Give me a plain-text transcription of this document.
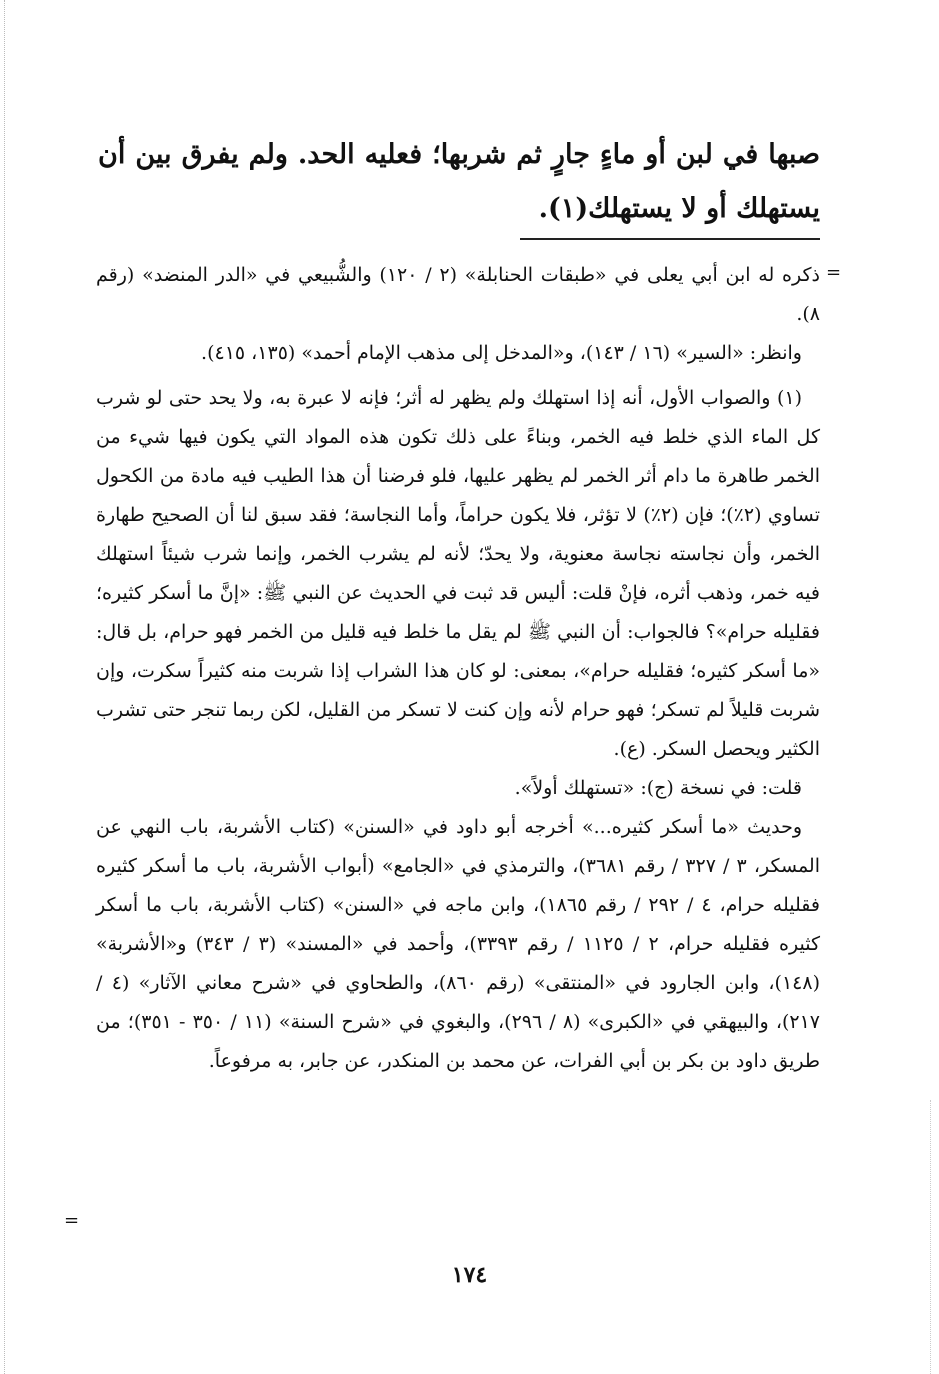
صبها في لبن أو ماءٍ جارٍ ثم شربها؛ فعليه الحد. ولم يفرق بين أن يستهلك أو لا يستهلك(١).
=

ذكره له ابن أبي يعلى في «طبقات الحنابلة» (٢ / ١٢٠) والشُّبيعي في «الدر المنضد» (رقم ٨).

وانظر: «السير» (١٦ / ١٤٣)، و«المدخل إلى مذهب الإمام أحمد» (١٣٥، ٤١٥).

(١) والصواب الأول، أنه إذا استهلك ولم يظهر له أثر؛ فإنه لا عبرة به، ولا يحد حتى لو شرب كل الماء الذي خلط فيه الخمر، وبناءً على ذلك تكون هذه المواد التي يكون فيها شيء من الخمر طاهرة ما دام أثر الخمر لم يظهر عليها، فلو فرضنا أن هذا الطيب فيه مادة من الكحول تساوي (٢٪)؛ فإن (٢٪) لا تؤثر، فلا يكون حراماً، وأما النجاسة؛ فقد سبق لنا أن الصحيح طهارة الخمر، وأن نجاسته نجاسة معنوية، ولا يحدّ؛ لأنه لم يشرب الخمر، وإنما شرب شيئاً استهلك فيه خمر، وذهب أثره، فإنْ قلت: أليس قد ثبت في الحديث عن النبي ﷺ: «إنَّ ما أسكر كثيره؛ فقليله حرام»؟ فالجواب: أن النبي ﷺ لم يقل ما خلط فيه قليل من الخمر فهو حرام، بل قال: «ما أسكر كثيره؛ فقليله حرام»، بمعنى: لو كان هذا الشراب إذا شربت منه كثيراً سكرت، وإن شربت قليلاً لم تسكر؛ فهو حرام لأنه وإن كنت لا تسكر من القليل، لكن ربما تنجر حتى تشرب الكثير ويحصل السكر. (ع).

قلت: في نسخة (ج): «تستهلك أولاً».

وحديث «ما أسكر كثيره...» أخرجه أبو داود في «السنن» (كتاب الأشربة، باب النهي عن المسكر، ٣ / ٣٢٧ / رقم ٣٦٨١)، والترمذي في «الجامع» (أبواب الأشربة، باب ما أسكر كثيره فقليله حرام، ٤ / ٢٩٢ / رقم ١٨٦٥)، وابن ماجه في «السنن» (كتاب الأشربة، باب ما أسكر كثيره فقليله حرام، ٢ / ١١٢٥ / رقم ٣٣٩٣)، وأحمد في «المسند» (٣ / ٣٤٣) و«الأشربة» (١٤٨)، وابن الجارود في «المنتقى» (رقم ٨٦٠)، والطحاوي في «شرح معاني الآثار» (٤ / ٢١٧)، والبيهقي في «الكبرى» (٨ / ٢٩٦)، والبغوي في «شرح السنة» (١١ / ٣٥٠ - ٣٥١)؛ من طريق داود بن بكر بن أبي الفرات، عن محمد بن المنكدر، عن جابر، به مرفوعاً.

=
١٧٤
